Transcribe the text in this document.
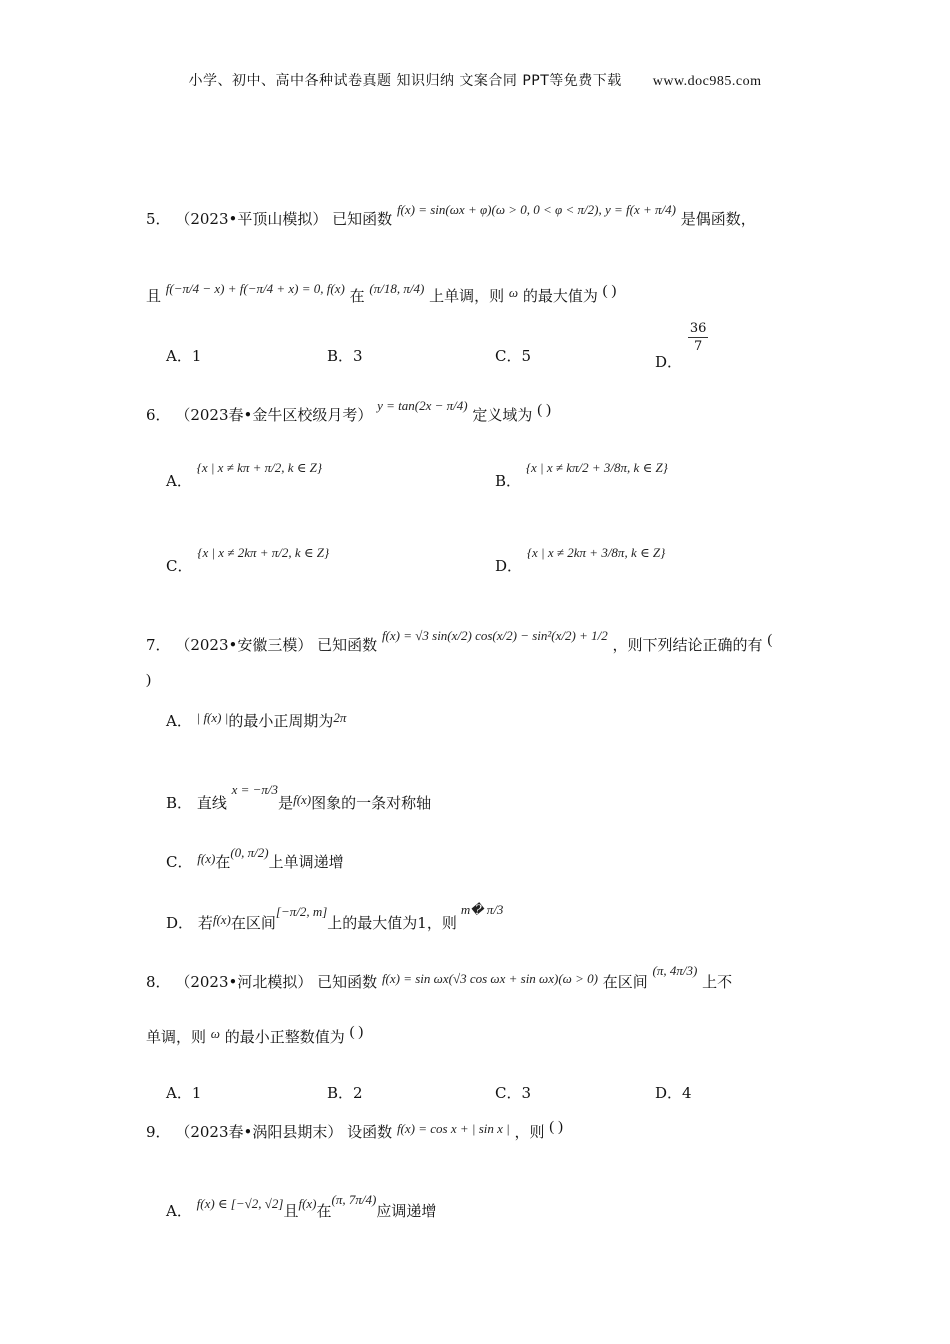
小学、初中、高中各种试卷真题 知识归纳 文案合同 PPT等免费下载 www.doc985.com
5． （2023•平顶山模拟） 已知函数 f(x) = sin(ωx + φ)(ω > 0, 0 < φ < π/2), y = f(x + π/4) 是偶函数，
且 f(−π/4 − x) + f(−π/4 + x) = 0, f(x) 在 (π/18, π/4) 上单调，则 ω 的最大值为 ( )
A．1	B．3	C．5	D．
$\frac{36}{7}$
6． （2023春•金牛区校级月考） y = tan(2x − π/4) 定义域为 ( )
A． {x | x ≠ kπ + π/2, k ∈ Z}
B． {x | x ≠ kπ/2 + 3/8π, k ∈ Z}
C． {x | x ≠ 2kπ + π/2, k ∈ Z}
D． {x | x ≠ 2kπ + 3/8π, k ∈ Z}
7． （2023•安徽三模） 已知函数 f(x) = √3 sin(x/2) cos(x/2) − sin²(x/2) + 1/2 ，则下列结论正确的有 (
)
A． | f(x) |的最小正周期为2π
B． 直线 x = −π/3是f(x)图象的一条对称轴
C． f(x)在(0, π/2)上单调递增
D． 若f(x)在区间[−π/2, m]上的最大值为1，则m� π/3
8． （2023•河北模拟） 已知函数 f(x) = sin ωx(√3 cos ωx + sin ωx)(ω > 0) 在区间 (π, 4π/3) 上不
单调，则 ω 的最小正整数值为 ( )
A．1	B．2	C．3	D．4
9． （2023春•涡阳县期末） 设函数 f(x) = cos x + | sin x | ，则 ( )
A． f(x) ∈ [−√2, √2]且f(x)在(π, 7π/4)应调递增
